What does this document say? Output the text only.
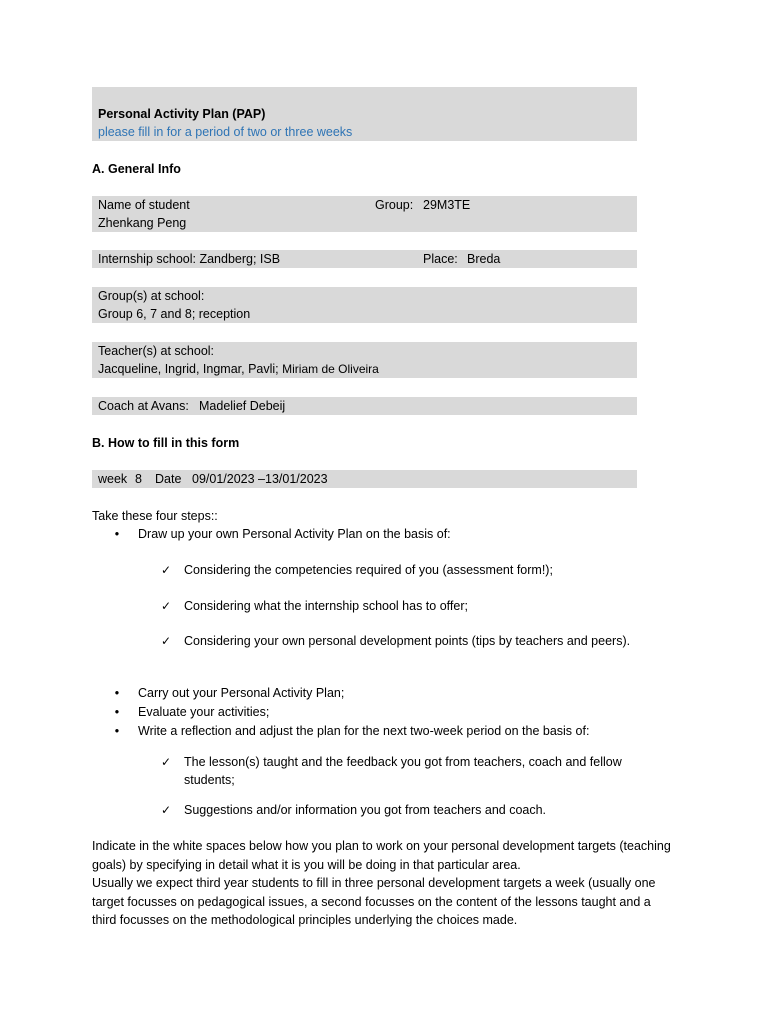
Personal Activity Plan (PAP)
please fill in for a period of two or three weeks
A. General Info
Name of student
Zhenkang Peng
Group: 29M3TE
Internship school: Zandberg; ISB	Place: Breda
Group(s) at school:
Group 6, 7 and 8; reception
Teacher(s) at school:
Jacqueline, Ingrid, Ingmar, Pavli; Miriam de Oliveira
Coach at Avans: Madelief Debeij
B. How to fill in this form
week 8 Date 09/01/2023 –13/01/2023
Take these four steps::
• Draw up your own Personal Activity Plan on the basis of:
✓ Considering the competencies required of you (assessment form!);
✓ Considering what the internship school has to offer;
✓ Considering your own personal development points (tips by teachers and peers).
• Carry out your Personal Activity Plan;
• Evaluate your activities;
• Write a reflection and adjust the plan for the next two-week period on the basis of:
✓ The lesson(s) taught and the feedback you got from teachers, coach and fellow students;
✓ Suggestions and/or information you got from teachers and coach.
Indicate in the white spaces below how you plan to work on your personal development targets (teaching goals) by specifying in detail what it is you will be doing in that particular area.
Usually we expect third year students to fill in three personal development targets a week (usually one target focusses on pedagogical issues, a second focusses on the content of the lessons taught and a third focusses on the methodological principles underlying the choices made.
